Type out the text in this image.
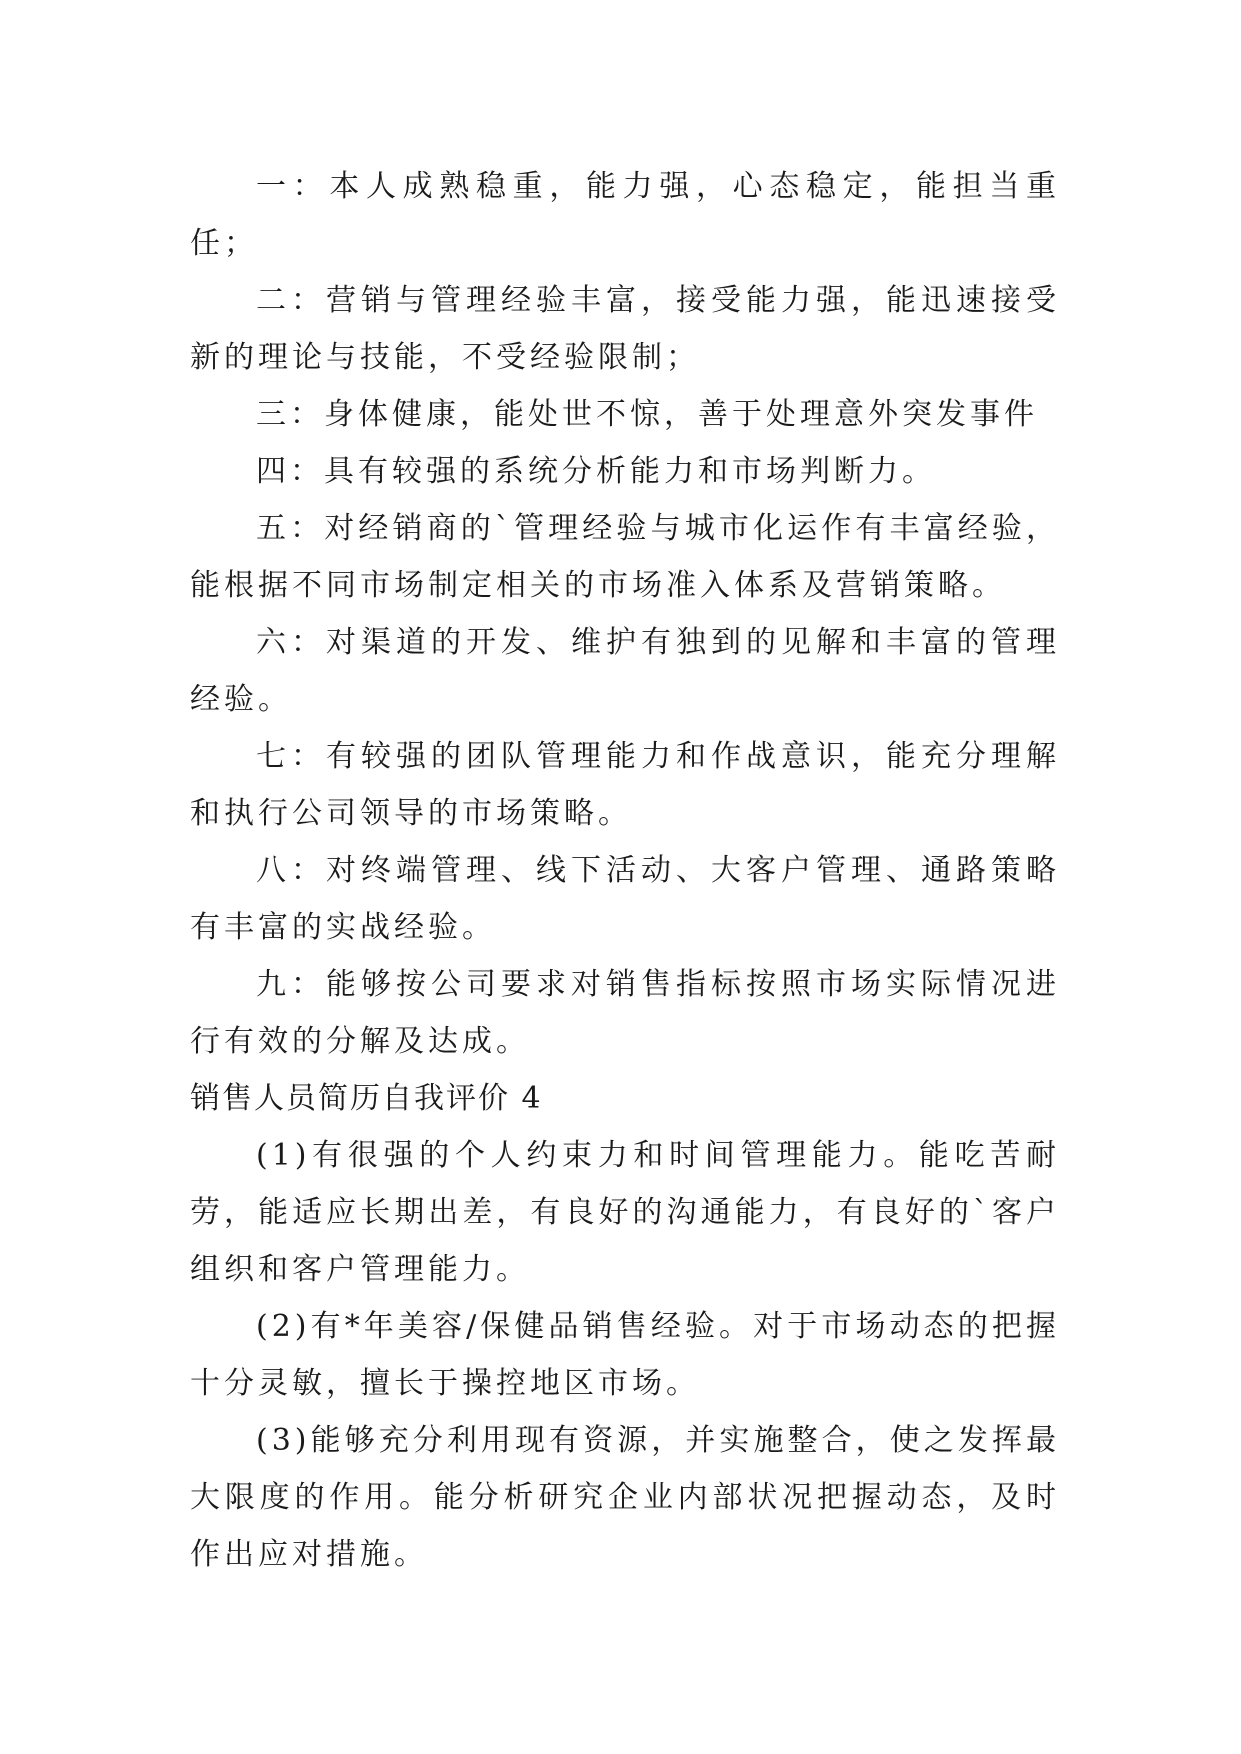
一：本人成熟稳重，能力强，心态稳定，能担当重任；

二：营销与管理经验丰富，接受能力强，能迅速接受新的理论与技能，不受经验限制；

三：身体健康，能处世不惊，善于处理意外突发事件

四：具有较强的系统分析能力和市场判断力。

五：对经销商的`管理经验与城市化运作有丰富经验，能根据不同市场制定相关的市场准入体系及营销策略。

六：对渠道的开发、维护有独到的见解和丰富的管理经验。

七：有较强的团队管理能力和作战意识，能充分理解和执行公司领导的市场策略。

八：对终端管理、线下活动、大客户管理、通路策略有丰富的实战经验。

九：能够按公司要求对销售指标按照市场实际情况进行有效的分解及达成。

销售人员简历自我评价 4

(1)有很强的个人约束力和时间管理能力。能吃苦耐劳，能适应长期出差，有良好的沟通能力，有良好的`客户组织和客户管理能力。

(2)有*年美容/保健品销售经验。对于市场动态的把握十分灵敏，擅长于操控地区市场。

(3)能够充分利用现有资源，并实施整合，使之发挥最大限度的作用。能分析研究企业内部状况把握动态，及时作出应对措施。
